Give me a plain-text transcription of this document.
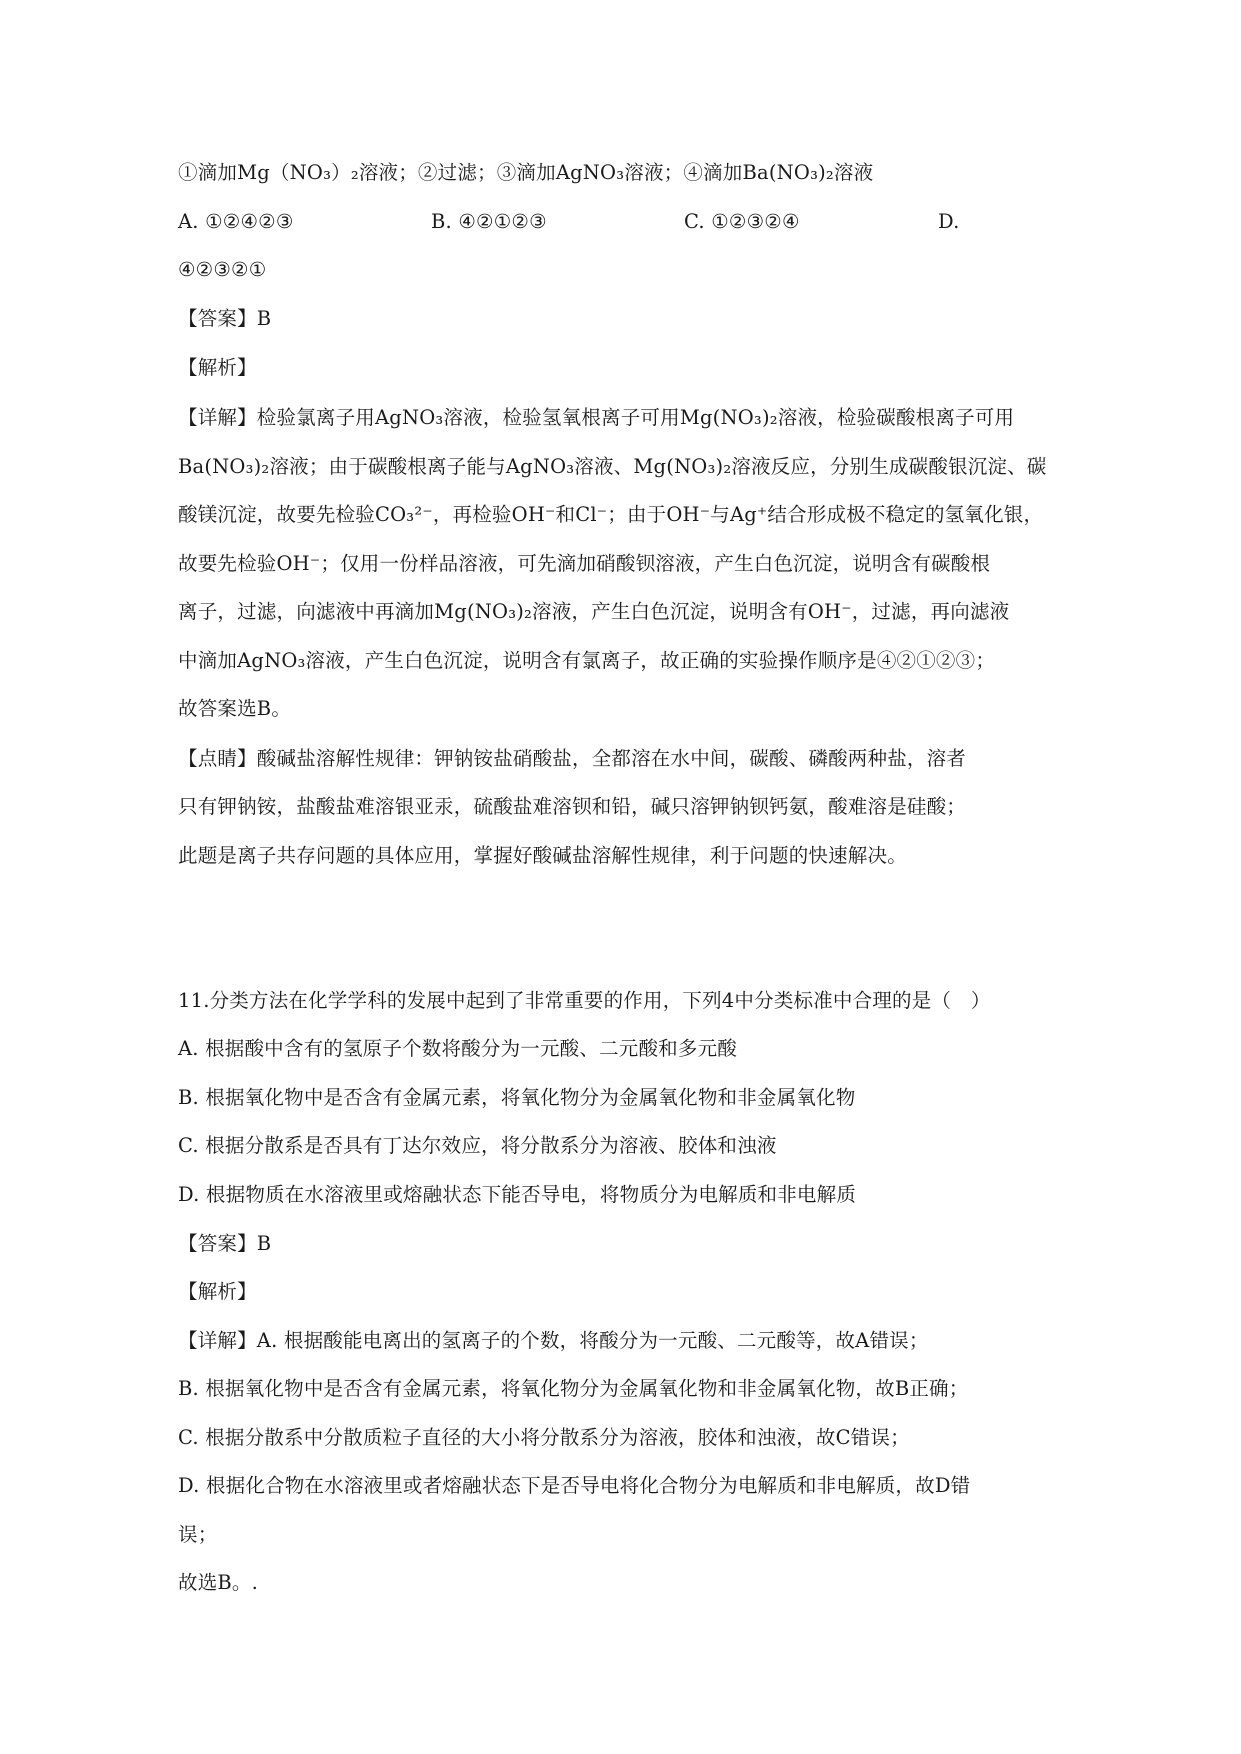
①滴加Mg（NO₃）₂溶液；②过滤；③滴加AgNO₃溶液；④滴加Ba(NO₃)₂溶液
A. ①②④②③	B. ④②①②③	C. ①②③②④	D.
④②③②①
【答案】B
【解析】
【详解】检验氯离子用AgNO₃溶液，检验氢氧根离子可用Mg(NO₃)₂溶液，检验碳酸根离子可用
Ba(NO₃)₂溶液；由于碳酸根离子能与AgNO₃溶液、Mg(NO₃)₂溶液反应，分别生成碳酸银沉淀、碳
酸镁沉淀，故要先检验CO₃²⁻，再检验OH⁻和Cl⁻；由于OH⁻与Ag⁺结合形成极不稳定的氢氧化银，
故要先检验OH⁻；仅用一份样品溶液，可先滴加硝酸钡溶液，产生白色沉淀，说明含有碳酸根
离子，过滤，向滤液中再滴加Mg(NO₃)₂溶液，产生白色沉淀，说明含有OH⁻，过滤，再向滤液
中滴加AgNO₃溶液，产生白色沉淀，说明含有氯离子，故正确的实验操作顺序是④②①②③；
故答案选B。
【点睛】酸碱盐溶解性规律：钾钠铵盐硝酸盐，全都溶在水中间，碳酸、磷酸两种盐，溶者
只有钾钠铵，盐酸盐难溶银亚汞，硫酸盐难溶钡和铅，碱只溶钾钠钡钙氨，酸难溶是硅酸；
此题是离子共存问题的具体应用，掌握好酸碱盐溶解性规律，利于问题的快速解决。
11.分类方法在化学学科的发展中起到了非常重要的作用，下列4中分类标准中合理的是（　）
A. 根据酸中含有的氢原子个数将酸分为一元酸、二元酸和多元酸
B. 根据氧化物中是否含有金属元素，将氧化物分为金属氧化物和非金属氧化物
C. 根据分散系是否具有丁达尔效应，将分散系分为溶液、胶体和浊液
D. 根据物质在水溶液里或熔融状态下能否导电，将物质分为电解质和非电解质
【答案】B
【解析】
【详解】A. 根据酸能电离出的氢离子的个数，将酸分为一元酸、二元酸等，故A错误；
B. 根据氧化物中是否含有金属元素，将氧化物分为金属氧化物和非金属氧化物，故B正确；
C. 根据分散系中分散质粒子直径的大小将分散系分为溶液，胶体和浊液，故C错误；
D. 根据化合物在水溶液里或者熔融状态下是否导电将化合物分为电解质和非电解质，故D错
误；
故选B。.
